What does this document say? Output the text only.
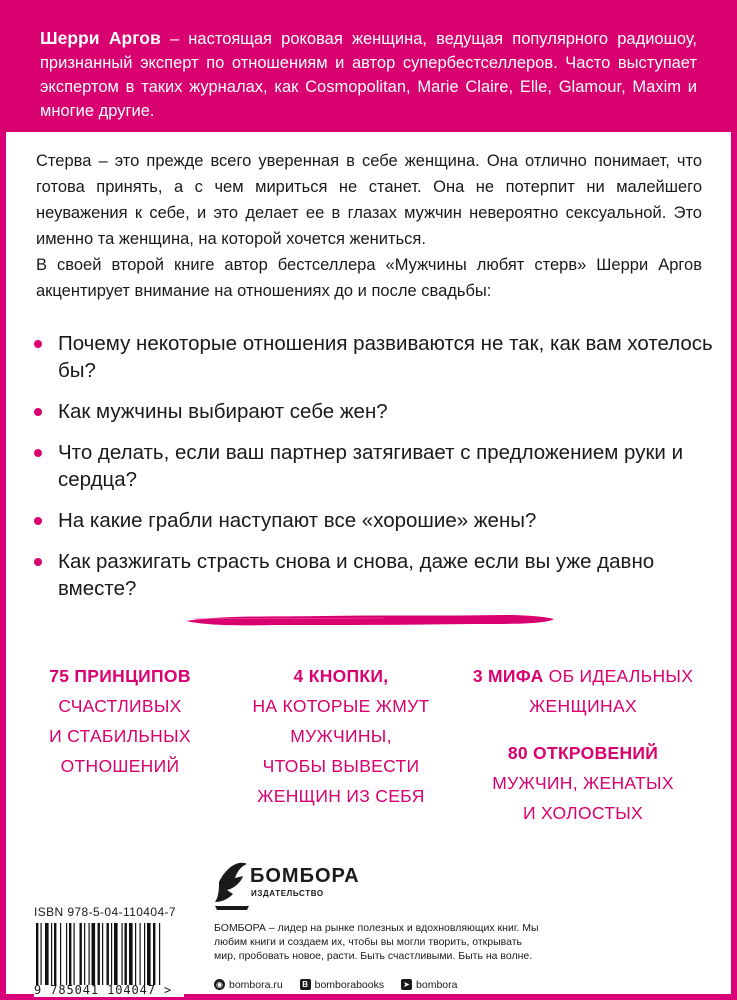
Шерри Аргов – настоящая роковая женщина, ведущая популярного радиошоу, признанный эксперт по отношениям и автор супербестселлеров. Часто выступает экспертом в таких журналах, как Cosmopolitan, Marie Claire, Elle, Glamour, Maxim и многие другие.

Стерва – это прежде всего уверенная в себе женщина. Она отлично понимает, что готова принять, а с чем мириться не станет. Она не потерпит ни малейшего неуважения к себе, и это делает ее в глазах мужчин невероятно сексуальной. Это именно та женщина, на которой хочется жениться.

В своей второй книге автор бестселлера «Мужчины любят стерв» Шерри Аргов акцентирует внимание на отношениях до и после свадьбы:

Почему некоторые отношения развиваются не так, как вам хотелось бы?
Как мужчины выбирают себе жен?
Что делать, если ваш партнер затягивает с предложением руки и сердца?
На какие грабли наступают все «хорошие» жены?
Как разжигать страсть снова и снова, даже если вы уже давно вместе?
75 ПРИНЦИПОВ
СЧАСТЛИВЫХ
И СТАБИЛЬНЫХ
ОТНОШЕНИЙ
4 КНОПКИ,
НА КОТОРЫЕ ЖМУТ
МУЖЧИНЫ,
ЧТОБЫ ВЫВЕСТИ
ЖЕНЩИН ИЗ СЕБЯ
3 МИФА ОБ ИДЕАЛЬНЫХ
ЖЕНЩИНАХ
80 ОТКРОВЕНИЙ
МУЖЧИН, ЖЕНАТЫХ
И ХОЛОСТЫХ
ISBN 978-5-04-110404-7
9 785041 104047 >
БОМБОРА
ИЗДАТЕЛЬСТВО

БОМБОРА – лидер на рынке полезных и вдохновляющих книг. Мы любим книги и создаем их, чтобы вы могли творить, открывать мир, пробовать новое, расти. Быть счастливыми. Быть на волне.

◉ bombora.ru
	В bomborabooks
➤ bombora
